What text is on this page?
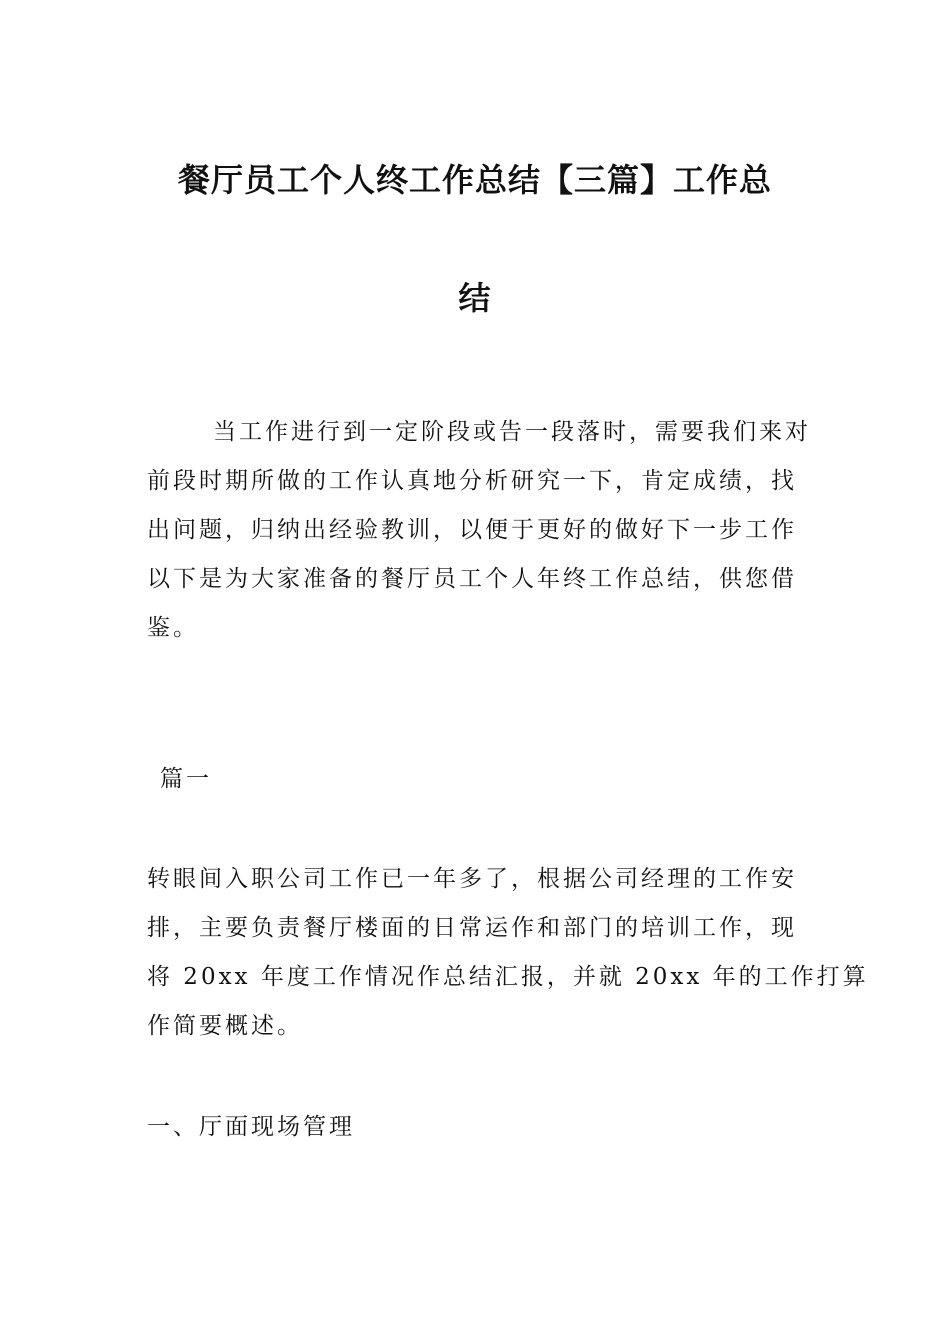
餐厅员工个人终工作总结【三篇】工作总
结
当工作进行到一定阶段或告一段落时，需要我们来对
前段时期所做的工作认真地分析研究一下，肯定成绩，找
出问题，归纳出经验教训，以便于更好的做好下一步工作
以下是为大家准备的餐厅员工个人年终工作总结，供您借
鉴。
篇一
转眼间入职公司工作已一年多了，根据公司经理的工作安
排，主要负责餐厅楼面的日常运作和部门的培训工作，现
将 20xx 年度工作情况作总结汇报，并就 20xx 年的工作打算
作简要概述。
一、厅面现场管理
